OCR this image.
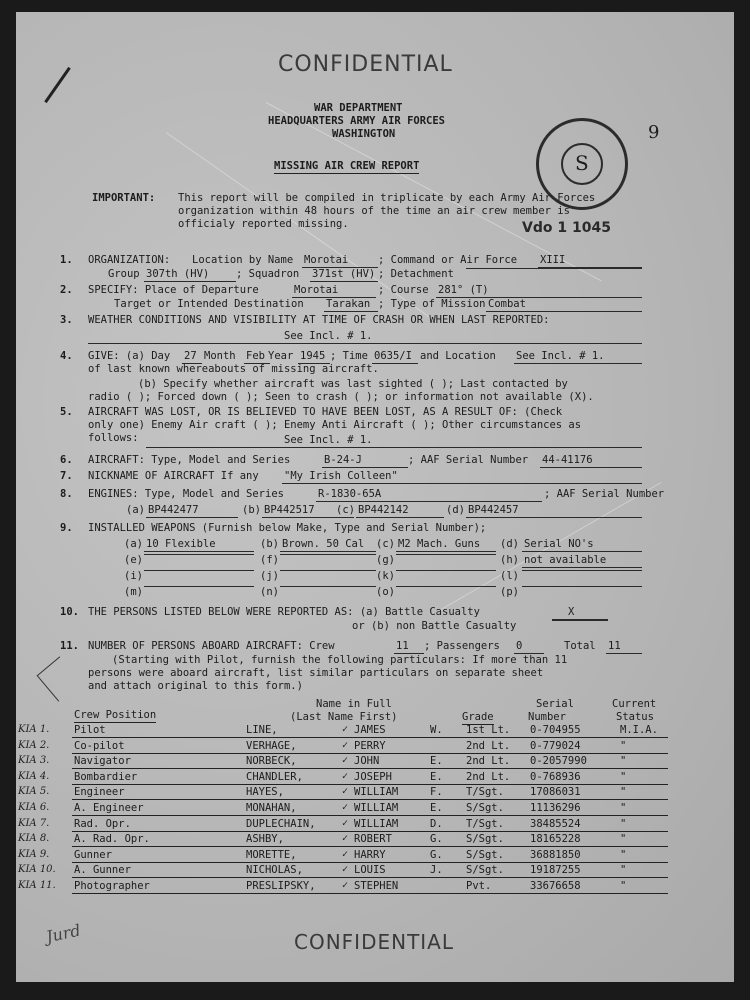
CONFIDENTIAL
WAR DEPARTMENT
HEADQUARTERS ARMY AIR FORCES
WASHINGTON
MISSING AIR CREW REPORT
IMPORTANT: This report will be compiled in triplicate by each Army Air Forces
organization within 48 hours of the time an air crew member is
officialy reported missing.
S
Vdo 1 1045
9
1. ORGANIZATION: Location by Name Morotai	; Command or Air Force XIII
Group 307th (HV)	; Squadron 371st (HV) ; Detachment
2. SPECIFY: Place of Departure	Morotai	; Course 281° (T)
Target or Intended Destination Tarakan ; Type of Mission Combat
3. WEATHER CONDITIONS AND VISIBILITY AT TIME OF CRASH OR WHEN LAST REPORTED:
See Incl. # 1.
4. GIVE: (a) Day 27 Month Feb Year 1945 ; Time 0635/I and Location See Incl. # 1.
of last known whereabouts of missing aircraft.
(b) Specify whether aircraft was last sighted ( ); Last contacted by
radio ( ); Forced down ( ); Seen to crash ( ); or information not available (X).
5. AIRCRAFT WAS LOST, OR IS BELIEVED TO HAVE BEEN LOST, AS A RESULT OF: (Check
only one) Enemy Air craft ( ); Enemy Anti Aircraft ( ); Other circumstances as
follows:	See Incl. # 1.
6. AIRCRAFT: Type, Model and Series	B-24-J	; AAF Serial Number 44-41176
7. NICKNAME OF AIRCRAFT If any "My Irish Colleen"
8. ENGINES: Type, Model and Series	R-1830-65A	; AAF Serial Number
(a) BP442477	(b) BP442517	(c) BP442142	(d) BP442457
9. INSTALLED WEAPONS (Furnish below Make, Type and Serial Number);
(a) 10 Flexible	(b) Brown. 50 Cal	(c) M2 Mach. Guns	(d) Serial NO's
(e)	(f)	(g)	(h) not available
(i)	(j)	(k)	(l)
(m)	(n)	(o)	(p)
10. THE PERSONS LISTED BELOW WERE REPORTED AS: (a) Battle Casualty	X
or (b) non Battle Casualty
11. NUMBER OF PERSONS ABOARD AIRCRAFT: Crew	11	; Passengers 0	Total 11
(Starting with Pilot, furnish the following particulars: If more than 11
persons were aboard aircraft, list similar particulars on separate sheet
and attach original to this form.)
Name in Full
(Last Name First)
Serial
Number
Current
Status
Crew Position	Grade
KIA 1. Pilot	LINE,	JAMES	W. 1st Lt. 0-704955	M.I.A.
✓
KIA 2. Co-pilot	VERHAGE,	PERRY	2nd Lt. 0-779024	"
✓
KIA 3. Navigator	NORBECK,	JOHN	E. 2nd Lt. 0-2057990	"
✓
KIA 4. Bombardier	CHANDLER,	JOSEPH	E. 2nd Lt. 0-768936	"
✓
KIA 5. Engineer	HAYES,	WILLIAM	F. T/Sgt. 17086031	"
✓
KIA 6. A. Engineer	MONAHAN,	WILLIAM	E. S/Sgt. 11136296	"
✓
KIA 7. Rad. Opr.	DUPLECHAIN,	WILLIAM	D. T/Sgt. 38485524	"
✓
KIA 8. A. Rad. Opr.	ASHBY,	ROBERT	G. S/Sgt. 18165228	"
✓
KIA 9. Gunner	MORETTE,	HARRY	G. S/Sgt. 36881850	"
✓
KIA 10. A. Gunner	NICHOLAS,	LOUIS	J. S/Sgt. 19187255	"
✓
KIA 11. Photographer	PRESLIPSKY,	STEPHEN	Pvt.	33676658	"
✓
Jurd	CONFIDENTIAL
